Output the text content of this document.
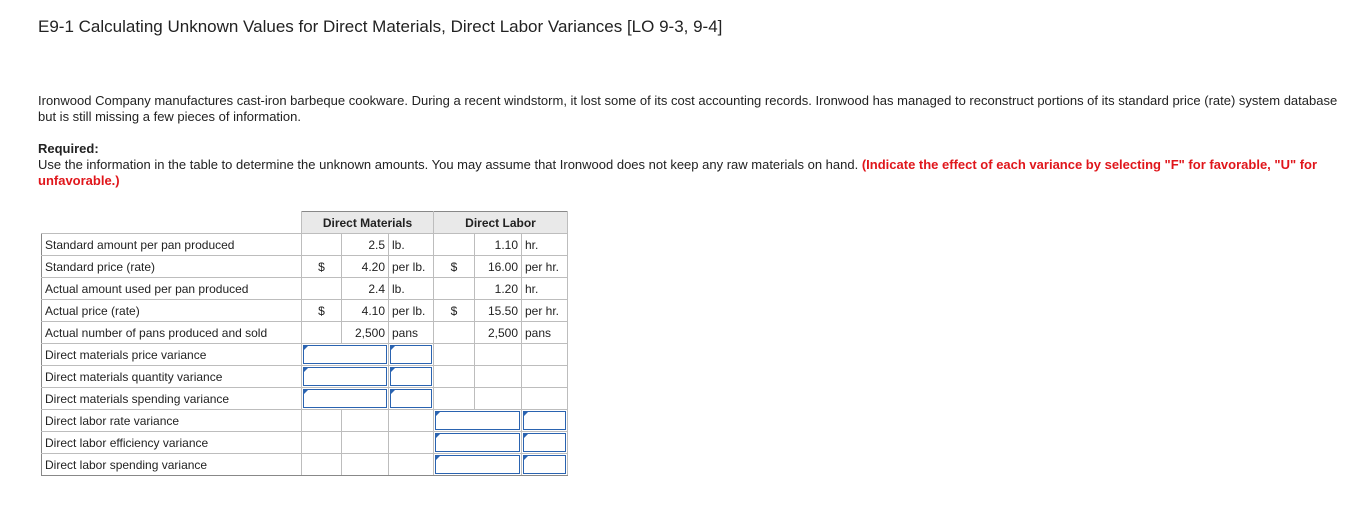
E9-1 Calculating Unknown Values for Direct Materials, Direct Labor Variances [LO 9-3, 9-4]
Ironwood Company manufactures cast-iron barbeque cookware. During a recent windstorm, it lost some of its cost accounting records. Ironwood has managed to reconstruct portions of its standard price (rate) system database but is still missing a few pieces of information.
Required:
Use the information in the table to determine the unknown amounts. You may assume that Ironwood does not keep any raw materials on hand. (Indicate the effect of each variance by selecting "F" for favorable, "U" for unfavorable.)
	Direct Materials			Direct Labor		
Standard amount per pan produced		2.5	lb.		1.10	hr.
Standard price (rate)	$	4.20	per lb.	$	16.00	per hr.
Actual amount used per pan produced		2.4	lb.		1.20	hr.
Actual price (rate)	$	4.10	per lb.	$	15.50	per hr.
Actual number of pans produced and sold		2,500	pans		2,500	pans
Direct materials price variance		

Direct materials quantity variance		

Direct materials spending variance		

Direct labor rate variance					

Direct labor efficiency variance					

Direct labor spending variance					
